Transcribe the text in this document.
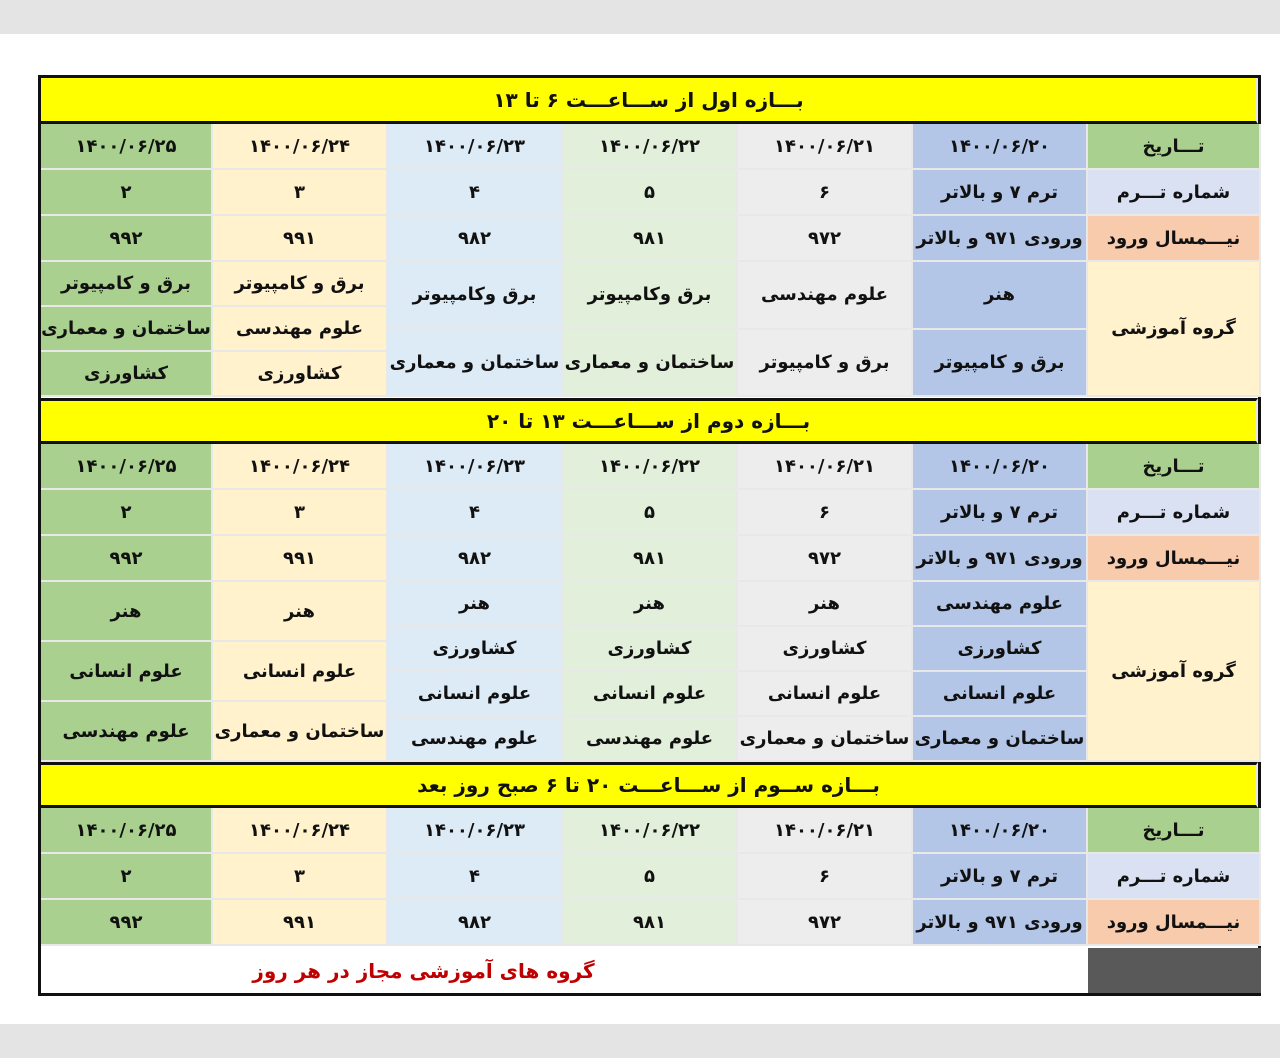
بـــازه اول از ســـاعـــت ۶ تا ۱۳
تـــاریخ
۱۴۰۰/۰۶/۲۰
۱۴۰۰/۰۶/۲۱
۱۴۰۰/۰۶/۲۲
۱۴۰۰/۰۶/۲۳
۱۴۰۰/۰۶/۲۴
۱۴۰۰/۰۶/۲۵
شماره تـــرم
ترم ۷ و بالاتر
۶
۵
۴
۳
۲
نیـــمسال ورود
ورودی ۹۷۱ و بالاتر
۹۷۲
۹۸۱
۹۸۲
۹۹۱
۹۹۲
گروه آموزشی
هنر
برق و کامپیوتر
علوم مهندسی
برق و کامپیوتر
برق وکامپیوتر
ساختمان و معماری
برق وکامپیوتر
ساختمان و معماری
برق و کامپیوتر
علوم مهندسی
کشاورزی
برق و کامپیوتر
ساختمان و معماری
کشاورزی
بـــازه دوم از ســـاعـــت ۱۳ تا ۲۰
تـــاریخ
۱۴۰۰/۰۶/۲۰
۱۴۰۰/۰۶/۲۱
۱۴۰۰/۰۶/۲۲
۱۴۰۰/۰۶/۲۳
۱۴۰۰/۰۶/۲۴
۱۴۰۰/۰۶/۲۵
شماره تـــرم
ترم ۷ و بالاتر
۶
۵
۴
۳
۲
نیـــمسال ورود
ورودی ۹۷۱ و بالاتر
۹۷۲
۹۸۱
۹۸۲
۹۹۱
۹۹۲
گروه آموزشی
علوم مهندسی
کشاورزی
علوم انسانی
ساختمان و معماری
هنر
کشاورزی
علوم انسانی
ساختمان و معماری
هنر
کشاورزی
علوم انسانی
علوم مهندسی
هنر
کشاورزی
علوم انسانی
علوم مهندسی
هنر
علوم انسانی
ساختمان و معماری
هنر
علوم انسانی
علوم مهندسی
بـــازه ســوم از ســـاعـــت ۲۰ تا ۶ صبح روز بعد
تـــاریخ
۱۴۰۰/۰۶/۲۰
۱۴۰۰/۰۶/۲۱
۱۴۰۰/۰۶/۲۲
۱۴۰۰/۰۶/۲۳
۱۴۰۰/۰۶/۲۴
۱۴۰۰/۰۶/۲۵
شماره تـــرم
ترم ۷ و بالاتر
۶
۵
۴
۳
۲
نیـــمسال ورود
ورودی ۹۷۱ و بالاتر
۹۷۲
۹۸۱
۹۸۲
۹۹۱
۹۹۲
گروه های آموزشی مجاز در هر روز
